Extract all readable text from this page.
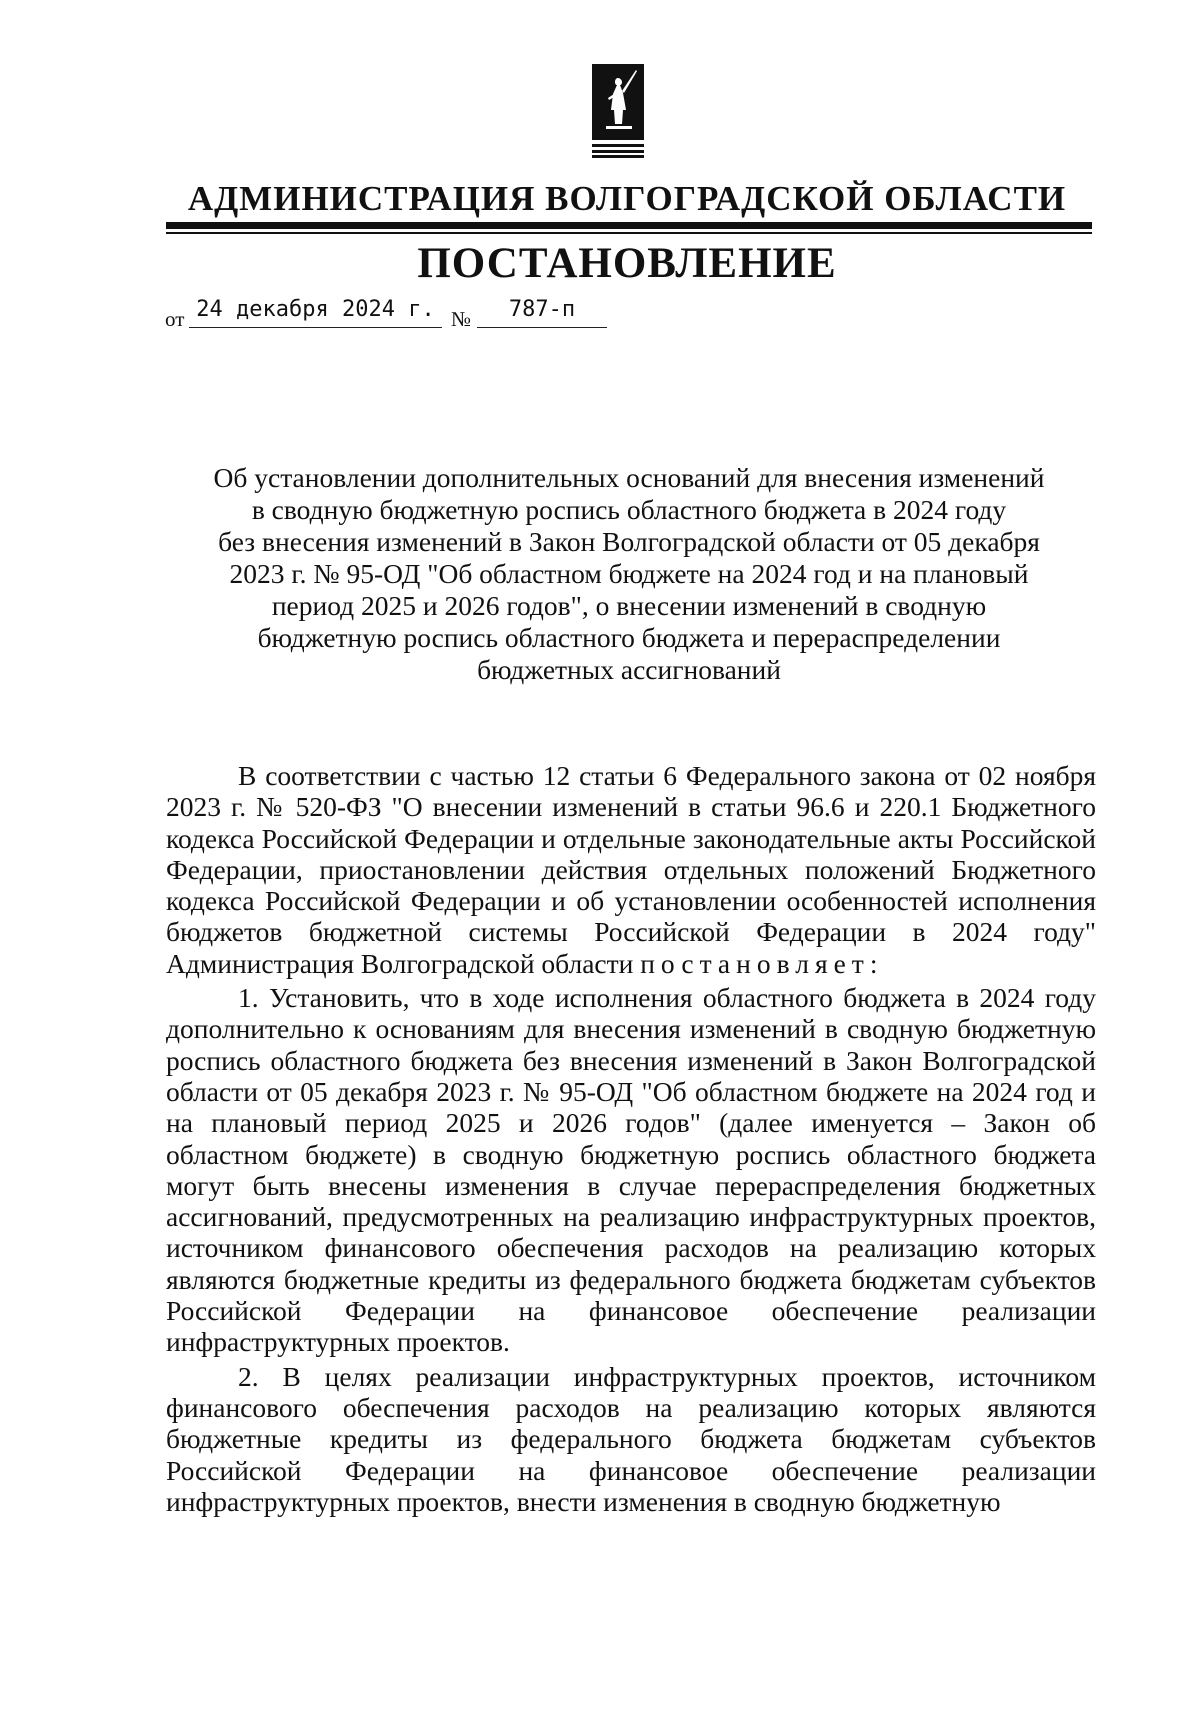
АДМИНИСТРАЦИЯ ВОЛГОГРАДСКОЙ ОБЛАСТИ
ПОСТАНОВЛЕНИЕ
от 24 декабря 2024 г. №	787-п
Об установлении дополнительных оснований для внесения изменений
в сводную бюджетную роспись областного бюджета в 2024 году
без внесения изменений в Закон Волгоградской области от 05 декабря
2023 г. № 95-ОД "Об областном бюджете на 2024 год и на плановый
период 2025 и 2026 годов", о внесении изменений в сводную
бюджетную роспись областного бюджета и перераспределении
бюджетных ассигнований

В соответствии с частью 12 статьи 6 Федерального закона от 02 ноября 2023 г. № 520-ФЗ "О внесении изменений в статьи 96.6 и 220.1 Бюджетного кодекса Российской Федерации и отдельные законодательные акты Российской Федерации, приостановлении действия отдельных положений Бюджетного кодекса Российской Федерации и об установлении особенностей исполнения бюджетов бюджетной системы Российской Федерации в 2024 году" Администрация Волгоградской области постановляет:

1. Установить, что в ходе исполнения областного бюджета в 2024 году дополнительно к основаниям для внесения изменений в сводную бюджетную роспись областного бюджета без внесения изменений в Закон Волгоградской области от 05 декабря 2023 г. № 95-ОД "Об областном бюджете на 2024 год и на плановый период 2025 и 2026 годов" (далее именуется – Закон об областном бюджете) в сводную бюджетную роспись областного бюджета могут быть внесены изменения в случае перераспределения бюджетных ассигнований, предусмотренных на реализацию инфраструктурных проектов, источником финансового обеспечения расходов на реализацию которых являются бюджетные кредиты из федерального бюджета бюджетам субъектов Российской Федерации на финансовое обеспечение реализации инфраструктурных проектов.

2. В целях реализации инфраструктурных проектов, источником финансового обеспечения расходов на реализацию которых являются бюджетные кредиты из федерального бюджета бюджетам субъектов Российской Федерации на финансовое обеспечение реализации инфраструктурных проектов, внести изменения в сводную бюджетную
